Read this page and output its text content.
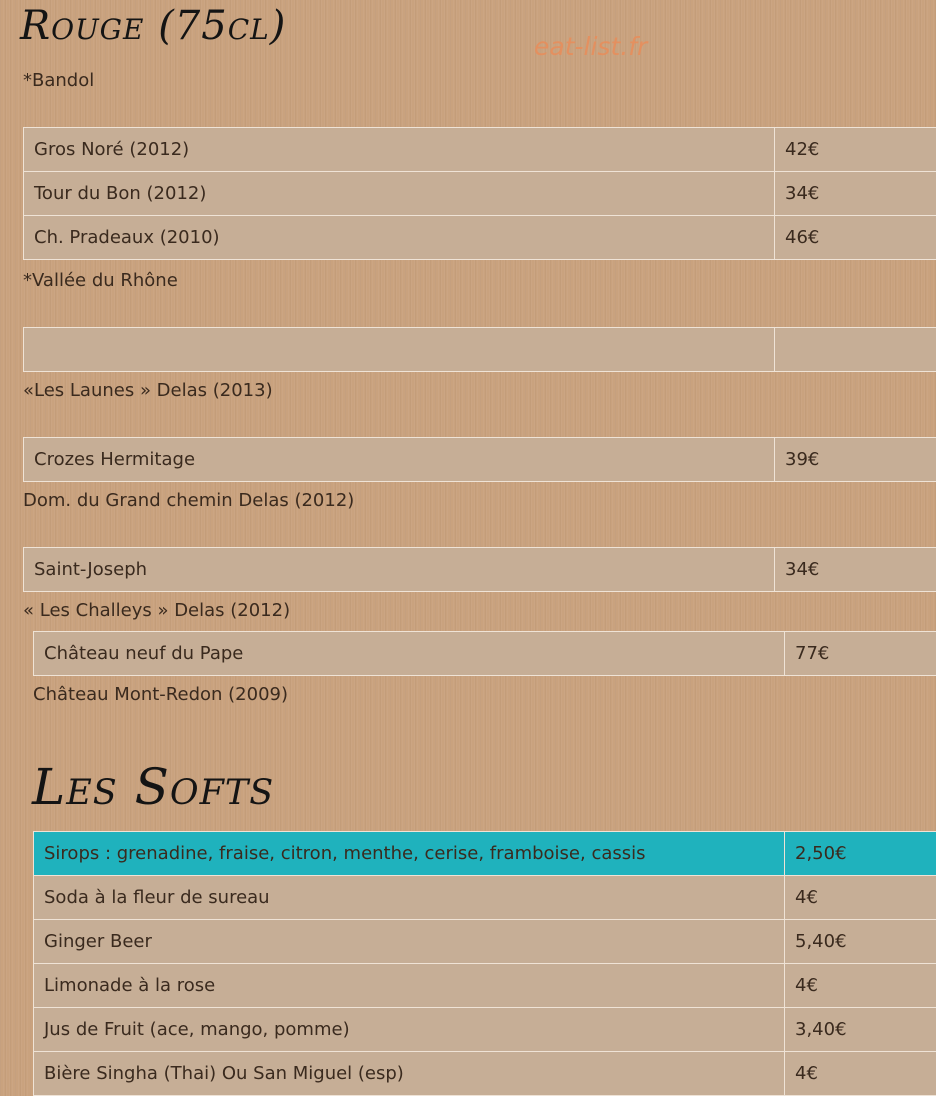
Rouge (75cl)	eat-list.fr
*Bandol
Gros Noré (2012)	42€
Tour du Bon (2012)	34€
Ch. Pradeaux (2010)	46€
*Vallée du Rhône

«Les Launes » Delas (2013)
Crozes Hermitage	39€
Dom. du Grand chemin Delas (2012)
Saint-Joseph	34€
« Les Challeys » Delas (2012)
Château neuf du Pape	77€
Château Mont-Redon (2009)
Les Softs
Sirops : grenadine, fraise, citron, menthe, cerise, framboise, cassis	2,50€
Soda à la fleur de sureau	4€
Ginger Beer	5,40€
Limonade à la rose	4€
Jus de Fruit (ace, mango, pomme)	3,40€
Bière Singha (Thai) Ou San Miguel (esp)	4€
